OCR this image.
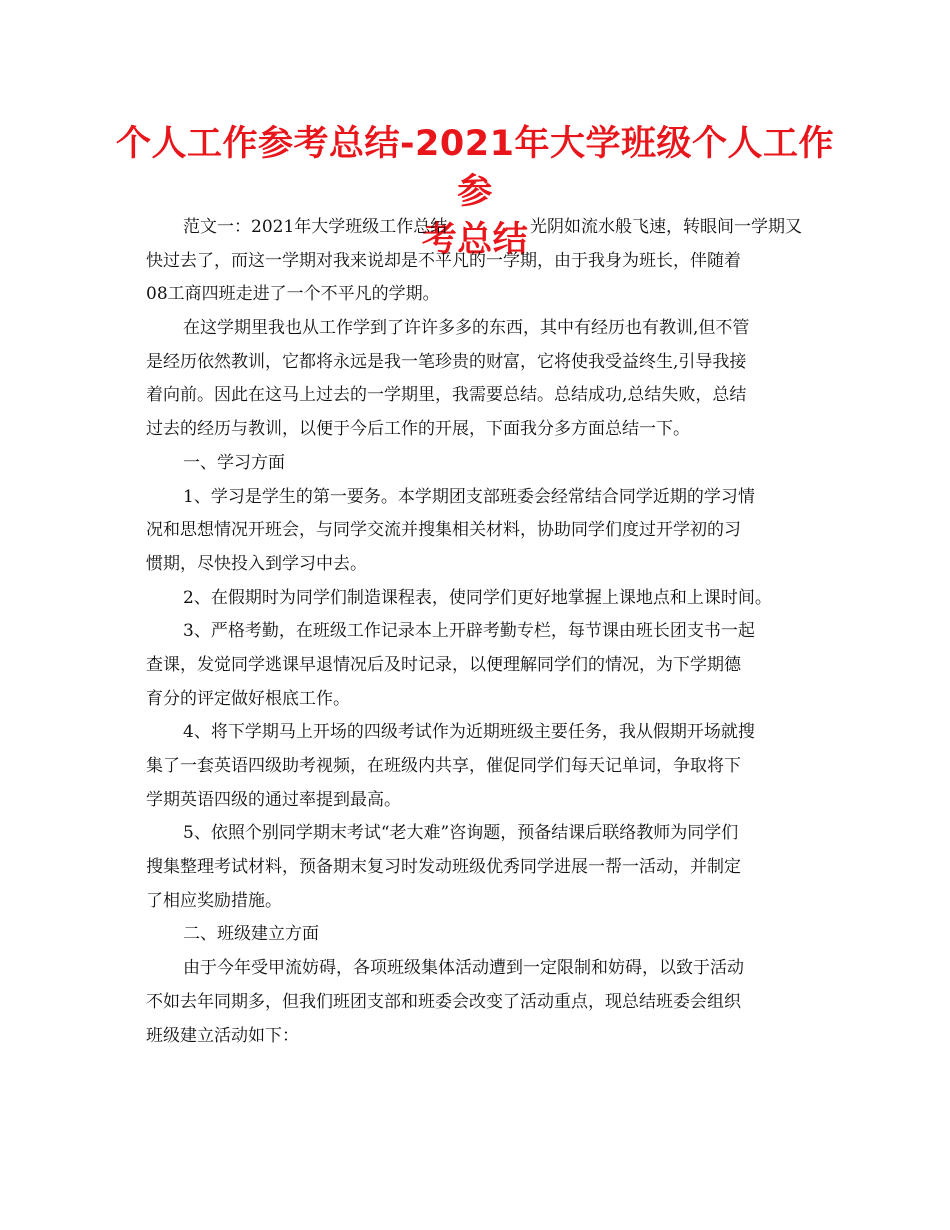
个人工作参考总结-2021年大学班级个人工作参
考总结
范文一：2021年大学班级工作总结	光阴如流水般飞速，转眼间一学期又
快过去了，而这一学期对我来说却是不平凡的一学期，由于我身为班长，伴随着
08工商四班走进了一个不平凡的学期。
在这学期里我也从工作学到了许许多多的东西，其中有经历也有教训,但不管
是经历依然教训，它都将永远是我一笔珍贵的财富，它将使我受益终生,引导我接
着向前。因此在这马上过去的一学期里，我需要总结。总结成功,总结失败，总结
过去的经历与教训，以便于今后工作的开展，下面我分多方面总结一下。
一、学习方面
1、学习是学生的第一要务。本学期团支部班委会经常结合同学近期的学习情
况和思想情况开班会，与同学交流并搜集相关材料，协助同学们度过开学初的习
惯期，尽快投入到学习中去。
2、在假期时为同学们制造课程表，使同学们更好地掌握上课地点和上课时间。
3、严格考勤，在班级工作记录本上开辟考勤专栏，每节课由班长团支书一起
查课，发觉同学逃课早退情况后及时记录，以便理解同学们的情况，为下学期德
育分的评定做好根底工作。
4、将下学期马上开场的四级考试作为近期班级主要任务，我从假期开场就搜
集了一套英语四级助考视频，在班级内共享，催促同学们每天记单词，争取将下
学期英语四级的通过率提到最高。
5、依照个别同学期末考试“老大难”咨询题，预备结课后联络教师为同学们
搜集整理考试材料，预备期末复习时发动班级优秀同学进展一帮一活动，并制定
了相应奖励措施。
二、班级建立方面
由于今年受甲流妨碍，各项班级集体活动遭到一定限制和妨碍，以致于活动
不如去年同期多，但我们班团支部和班委会改变了活动重点，现总结班委会组织
班级建立活动如下：
